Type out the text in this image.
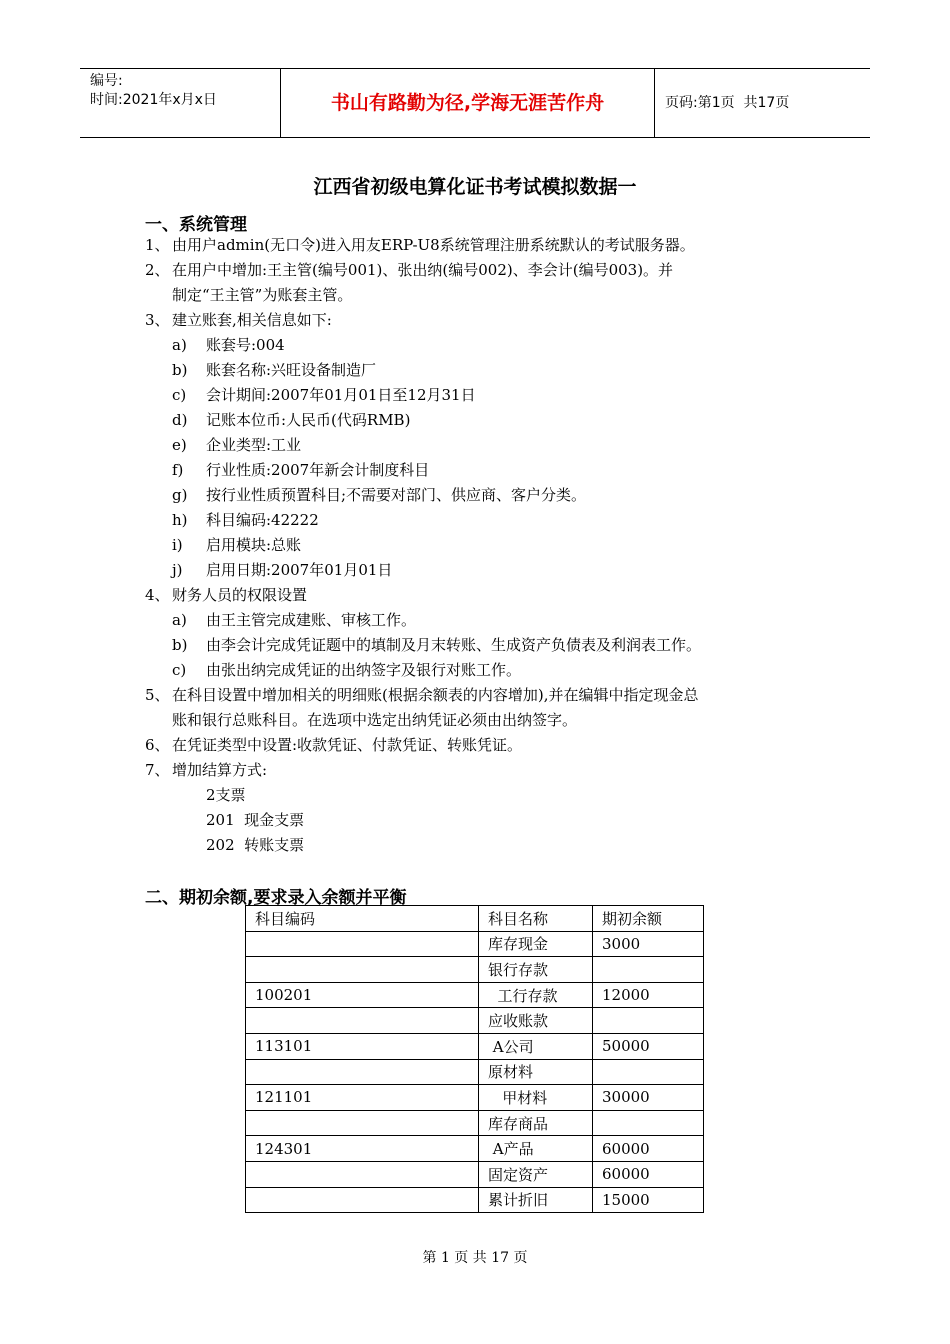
编号:
时间:2021年x月x日	书山有路勤为径,学海无涯苦作舟	页码:第1页  共17页
江西省初级电算化证书考试模拟数据一
一、系统管理
1、 由用户admin(无口令)进入用友ERP-U8系统管理注册系统默认的考试服务器。
2、 在用户中增加:王主管(编号001)、张出纳(编号002)、李会计(编号003)。并
制定“王主管”为账套主管。
3、 建立账套,相关信息如下:
a) 账套号:004
b) 账套名称:兴旺设备制造厂
c) 会计期间:2007年01月01日至12月31日
d) 记账本位币:人民币(代码RMB)
e) 企业类型:工业
f) 行业性质:2007年新会计制度科目
g) 按行业性质预置科目;不需要对部门、供应商、客户分类。
h) 科目编码:42222
i) 启用模块:总账
j) 启用日期:2007年01月01日
4、 财务人员的权限设置
a) 由王主管完成建账、审核工作。
b) 由李会计完成凭证题中的填制及月末转账、生成资产负债表及利润表工作。
c) 由张出纳完成凭证的出纳签字及银行对账工作。
5、 在科目设置中增加相关的明细账(根据余额表的内容增加),并在编辑中指定现金总
账和银行总账科目。在选项中选定出纳凭证必须由出纳签字。
6、 在凭证类型中设置:收款凭证、付款凭证、转账凭证。
7、 增加结算方式:
2支票
201  现金支票
202  转账支票
二、期初余额,要求录入余额并平衡
科目编码	科目名称	期初余额
	库存现金	3000
	银行存款	
100201	工行存款	12000
	应收账款	
113101	A公司	50000
	原材料	
121101	甲材料	30000
	库存商品	
124301	A产品	60000
	固定资产	60000
	累计折旧	15000
第 1 页 共 17 页
